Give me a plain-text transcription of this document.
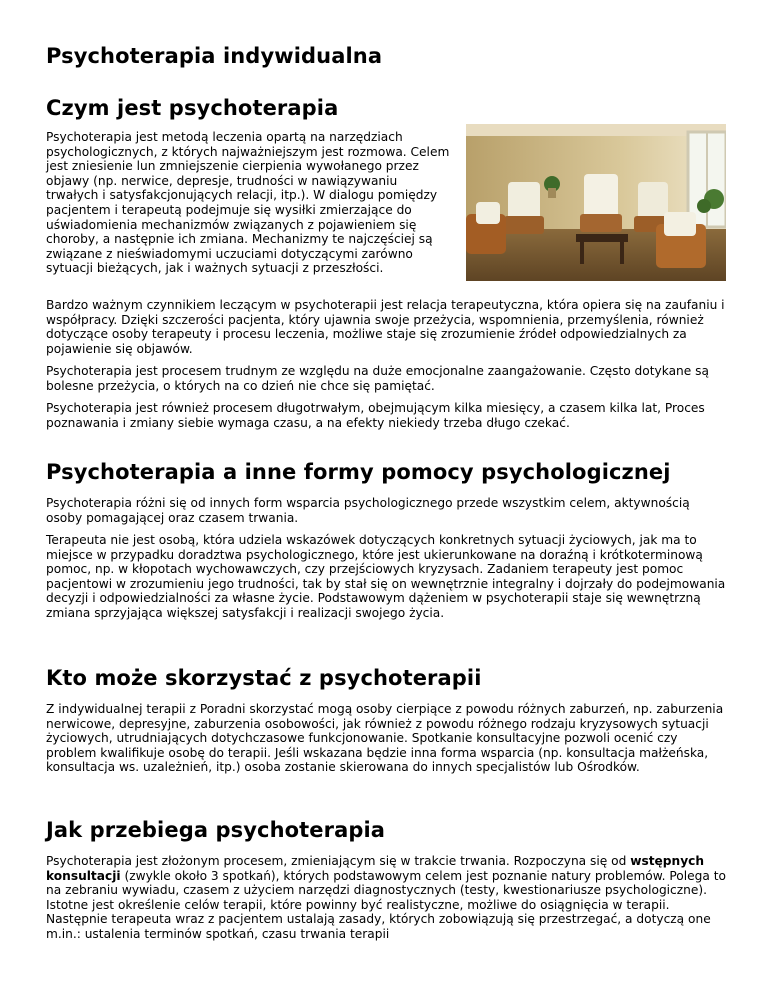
Psychoterapia indywidualna
Czym jest psychoterapia

Psychoterapia jest metodą leczenia opartą na narzędziach psychologicznych, z których najważniejszym jest rozmowa. Celem jest zniesienie lun zmniejszenie cierpienia wywołanego przez objawy (np. nerwice, depresje, trudności w nawiązywaniu trwałych i satysfakcjonujących relacji, itp.). W dialogu pomiędzy pacjentem i terapeutą podejmuje się wysiłki zmierzające do uświadomienia mechanizmów związanych z pojawieniem się choroby, a następnie ich zmiana. Mechanizmy te najczęściej są związane z nieświadomymi uczuciami dotyczącymi zarówno sytuacji bieżących, jak i ważnych sytuacji z przeszłości.

Bardzo ważnym czynnikiem leczącym w psychoterapii jest relacja terapeutyczna, która opiera się na zaufaniu i współpracy. Dzięki szczerości pacjenta, który ujawnia swoje przeżycia, wspomnienia, przemyślenia, również dotyczące osoby terapeuty i procesu leczenia, możliwe staje się zrozumienie źródeł odpowiedzialnych za pojawienie się objawów.

Psychoterapia jest procesem trudnym ze względu na duże emocjonalne zaangażowanie. Często dotykane są bolesne przeżycia, o których na co dzień nie chce się pamiętać.

Psychoterapia jest również procesem długotrwałym, obejmującym kilka miesięcy, a czasem kilka lat, Proces poznawania i zmiany siebie wymaga czasu, a na efekty niekiedy trzeba długo czekać.

Psychoterapia a inne formy pomocy psychologicznej

Psychoterapia różni się od innych form wsparcia psychologicznego przede wszystkim celem, aktywnością osoby pomagającej oraz czasem trwania.

Terapeuta nie jest osobą, która udziela wskazówek dotyczących konkretnych sytuacji życiowych, jak ma to miejsce w przypadku doradztwa psychologicznego, które jest ukierunkowane na doraźną i krótkoterminową pomoc, np. w kłopotach wychowawczych, czy przejściowych kryzysach. Zadaniem terapeuty jest pomoc pacjentowi w zrozumieniu jego trudności, tak by stał się on wewnętrznie integralny i dojrzały do podejmowania decyzji i odpowiedzialności za własne życie. Podstawowym dążeniem w psychoterapii staje się wewnętrzną zmiana sprzyjająca większej satysfakcji i realizacji swojego życia.

Kto może skorzystać z psychoterapii

Z indywidualnej terapii z Poradni skorzystać mogą osoby cierpiące z powodu różnych zaburzeń, np. zaburzenia nerwicowe, depresyjne, zaburzenia osobowości, jak również z powodu różnego rodzaju kryzysowych sytuacji życiowych, utrudniających dotychczasowe funkcjonowanie. Spotkanie konsultacyjne pozwoli ocenić czy problem kwalifikuje osobę do terapii. Jeśli wskazana będzie inna forma wsparcia (np. konsultacja małżeńska, konsultacja ws. uzależnień, itp.) osoba zostanie skierowana do innych specjalistów lub Ośrodków.

Jak przebiega psychoterapia

Psychoterapia jest złożonym procesem, zmieniającym się w trakcie trwania. Rozpoczyna się od wstępnych konsultacji (zwykle około 3 spotkań), których podstawowym celem jest poznanie natury problemów. Polega to na zebraniu wywiadu, czasem z użyciem narzędzi diagnostycznych (testy, kwestionariusze psychologiczne). Istotne jest określenie celów terapii, które powinny być realistyczne, możliwe do osiągnięcia w terapii. Następnie terapeuta wraz z pacjentem ustalają zasady, których zobowiązują się przestrzegać, a dotyczą one m.in.: ustalenia terminów spotkań, czasu trwania terapii
